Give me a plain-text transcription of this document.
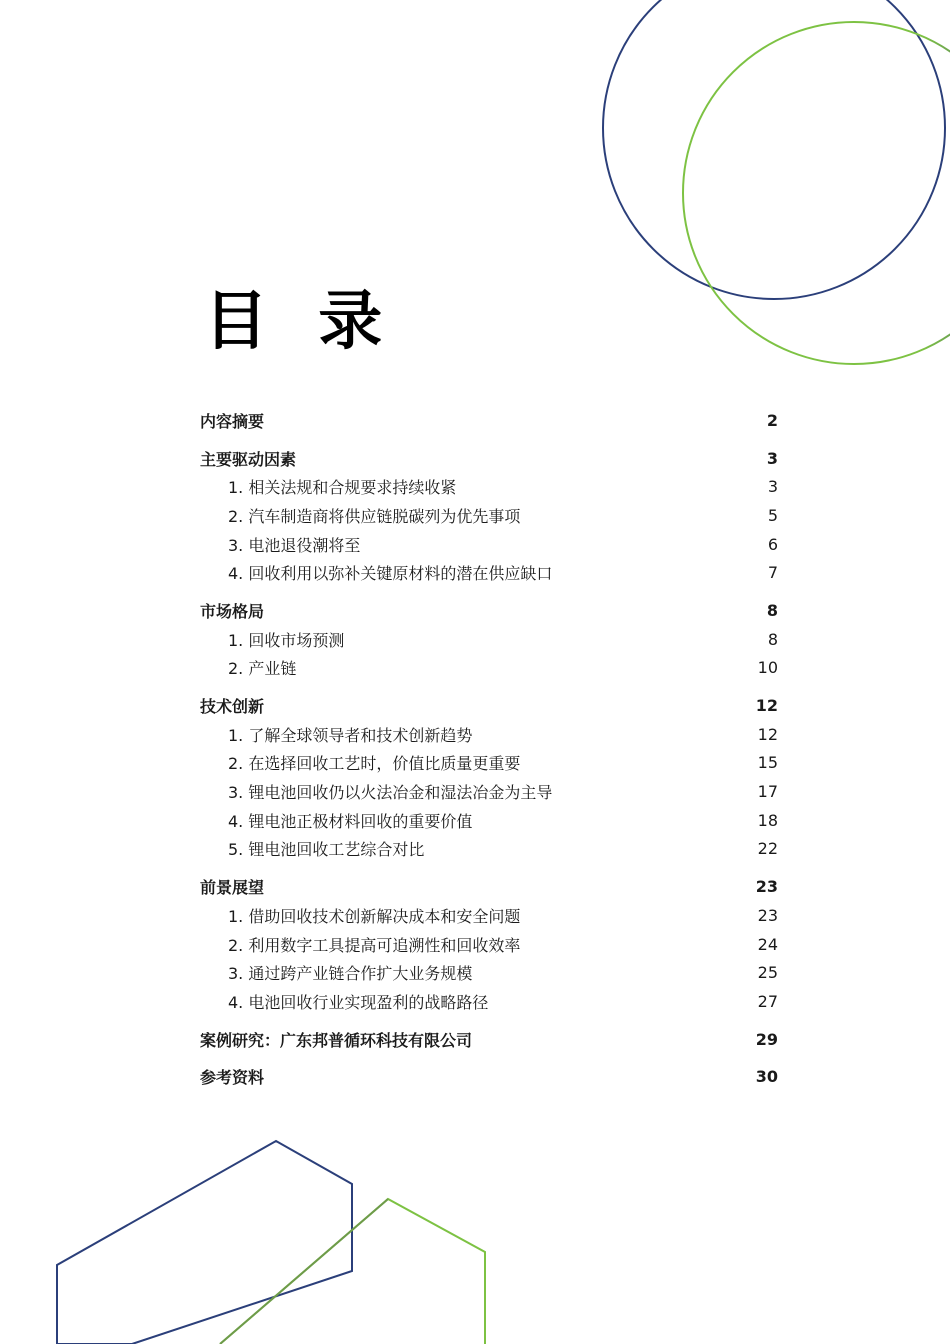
目 录
内容摘要	2
主要驱动因素	3
1. 相关法规和合规要求持续收紧	3
2. 汽车制造商将供应链脱碳列为优先事项	5
3. 电池退役潮将至	6
4. 回收利用以弥补关键原材料的潜在供应缺口	7
市场格局	8
1. 回收市场预测	8
2. 产业链	10
技术创新	12
1. 了解全球领导者和技术创新趋势	12
2. 在选择回收工艺时，价值比质量更重要	15
3. 锂电池回收仍以火法冶金和湿法冶金为主导	17
4. 锂电池正极材料回收的重要价值	18
5. 锂电池回收工艺综合对比	22
前景展望	23
1. 借助回收技术创新解决成本和安全问题	23
2. 利用数字工具提高可追溯性和回收效率	24
3. 通过跨产业链合作扩大业务规模	25
4. 电池回收行业实现盈利的战略路径	27
案例研究：广东邦普循环科技有限公司	29
参考资料	30
